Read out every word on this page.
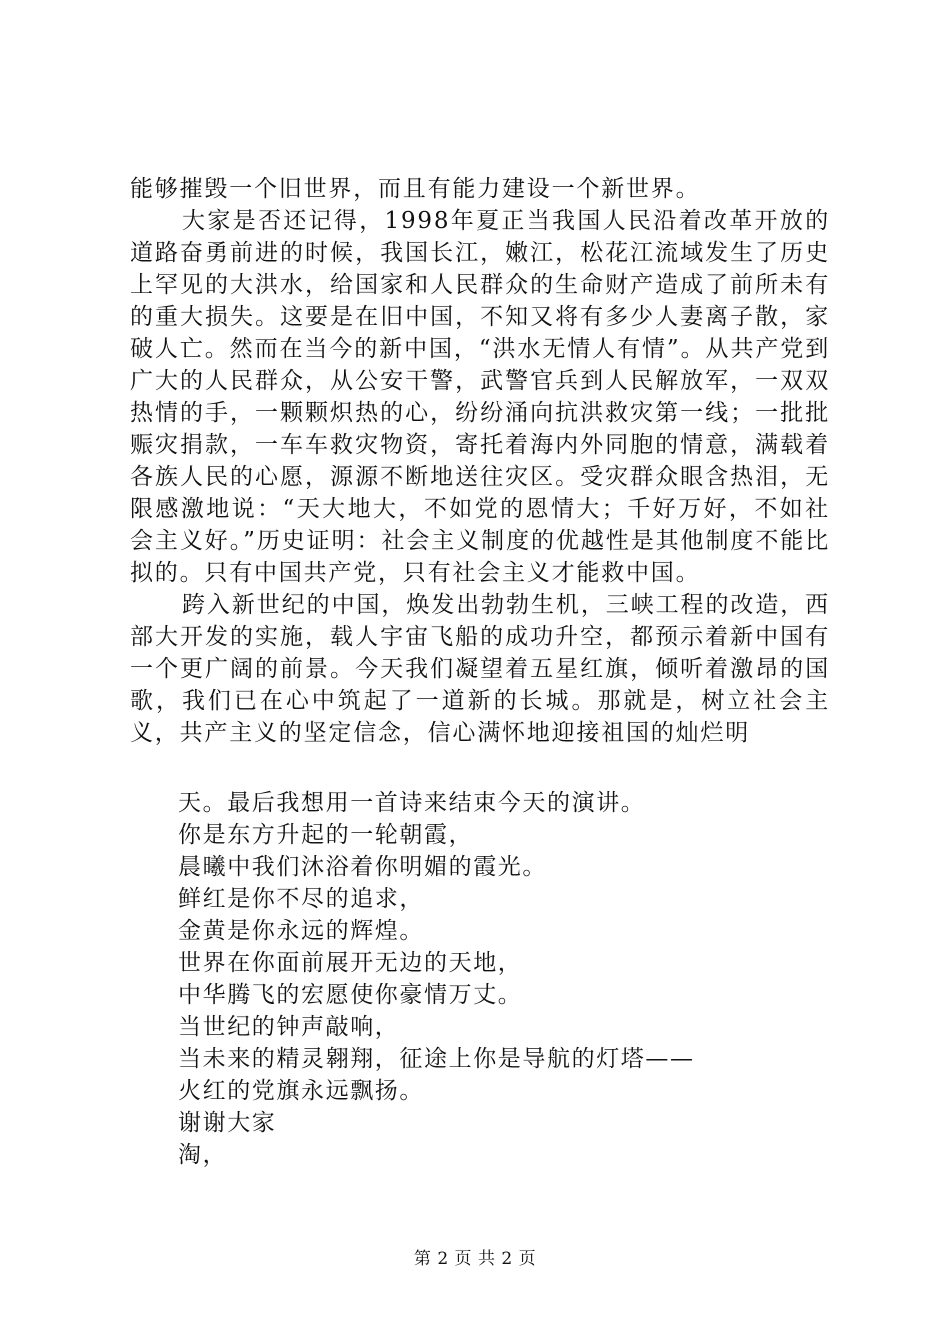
能够摧毁一个旧世界，而且有能力建设一个新世界。

大家是否还记得，1998年夏正当我国人民沿着改革开放的道路奋勇前进的时候，我国长江，嫩江，松花江流域发生了历史上罕见的大洪水，给国家和人民群众的生命财产造成了前所未有的重大损失。这要是在旧中国，不知又将有多少人妻离子散，家破人亡。然而在当今的新中国，“洪水无情人有情”。从共产党到广大的人民群众，从公安干警，武警官兵到人民解放军，一双双热情的手，一颗颗炽热的心，纷纷涌向抗洪救灾第一线；一批批赈灾捐款，一车车救灾物资，寄托着海内外同胞的情意，满载着各族人民的心愿，源源不断地送往灾区。受灾群众眼含热泪，无限感激地说：“天大地大，不如党的恩情大；千好万好，不如社会主义好。”历史证明：社会主义制度的优越性是其他制度不能比拟的。只有中国共产党，只有社会主义才能救中国。

跨入新世纪的中国，焕发出勃勃生机，三峡工程的改造，西部大开发的实施，载人宇宙飞船的成功升空，都预示着新中国有一个更广阔的前景。今天我们凝望着五星红旗，倾听着激昂的国歌，我们已在心中筑起了一道新的长城。那就是，树立社会主义，共产主义的坚定信念，信心满怀地迎接祖国的灿烂明

天。最后我想用一首诗来结束今天的演讲。
你是东方升起的一轮朝霞，
晨曦中我们沐浴着你明媚的霞光。
鲜红是你不尽的追求，
金黄是你永远的辉煌。
世界在你面前展开无边的天地，
中华腾飞的宏愿使你豪情万丈。
当世纪的钟声敲响，
当未来的精灵翱翔，征途上你是导航的灯塔——
火红的党旗永远飘扬。
谢谢大家
淘，
第 2 页 共 2 页
